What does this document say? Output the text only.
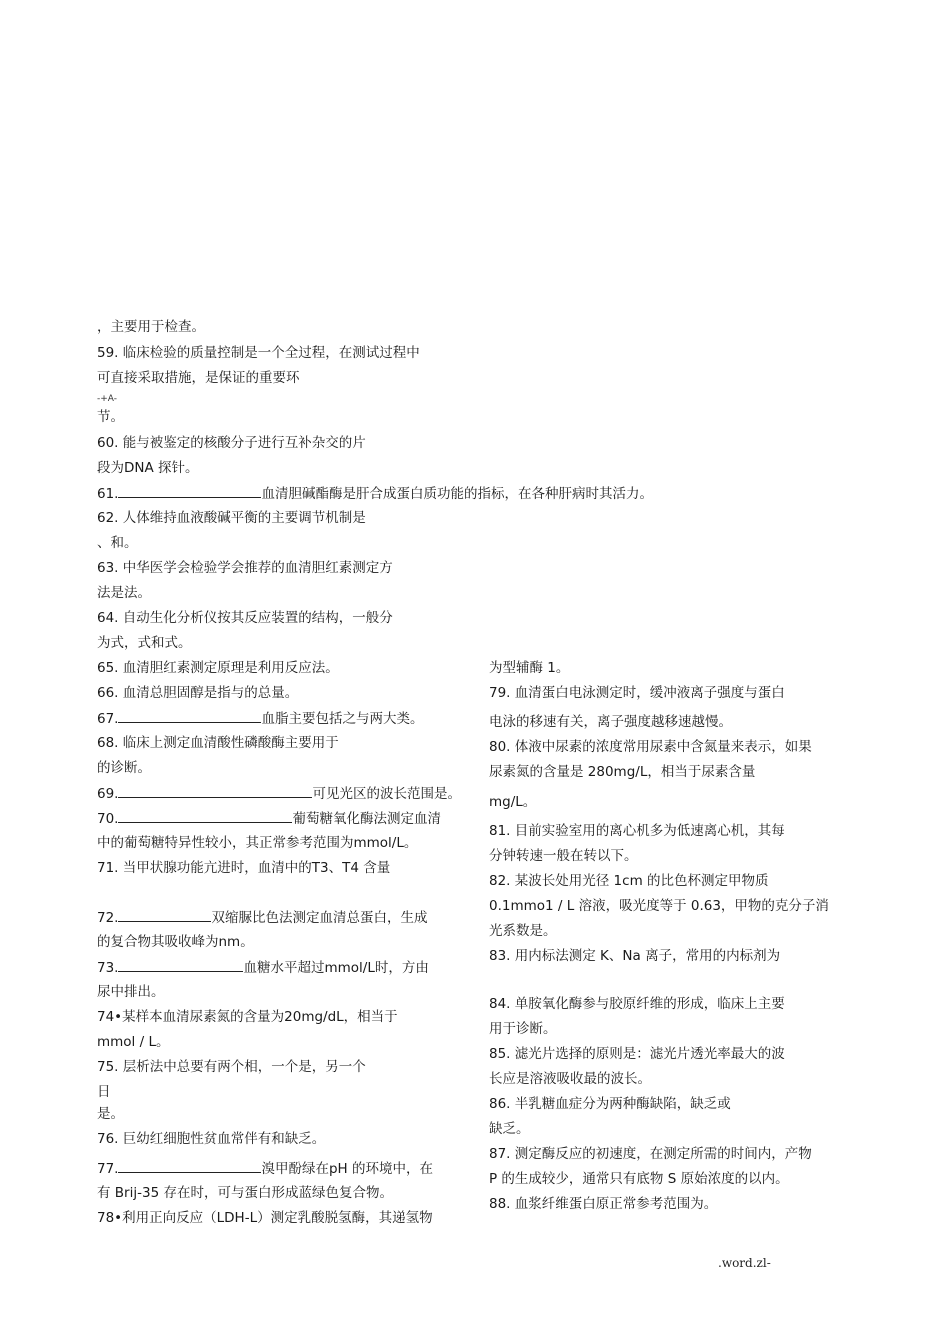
，主要用于检查。
59. 临床检验的质量控制是一个全过程，在测试过程中
可直接采取措施，是保证的重要环
-+A-
节。
60. 能与被鉴定的核酸分子进行互补杂交的片
段为DNA 探针。
61.	血清胆碱酯酶是肝合成蛋白质功能的指标，在各种肝病时其活力。
62. 人体维持血液酸碱平衡的主要调节机制是
、和。
63. 中华医学会检验学会推荐的血清胆红素测定方
法是法。
64. 自动生化分析仪按其反应装置的结构，一般分
为式，式和式。
65. 血清胆红素测定原理是利用反应法。
66. 血清总胆固醇是指与的总量。
67.	血脂主要包括之与两大类。
68. 临床上测定血清酸性磷酸酶主要用于
的诊断。
69.	可见光区的波长范围是。
70.	葡萄糖氧化酶法测定血清
中的葡萄糖特异性较小，其正常参考范围为mmol/L。
71. 当甲状腺功能亢进时，血清中的T3、T4 含量
72.	双缩脲比色法测定血清总蛋白，生成
的复合物其吸收峰为nm。
73.	血糖水平超过mmol/L时，方由
尿中排出。
74•某样本血清尿素氮的含量为20mg/dL，相当于
mmol / L。
75. 层析法中总要有两个相，一个是，另一个
日
是。
76. 巨幼红细胞性贫血常伴有和缺乏。
77.	溴甲酚绿在pH 的环境中，在
有 Brij-35 存在时，可与蛋白形成蓝绿色复合物。
78•利用正向反应（LDH-L）测定乳酸脱氢酶，其递氢物
为型辅酶 1。
79. 血清蛋白电泳测定时，缓冲液离子强度与蛋白
电泳的移速有关，离子强度越移速越慢。
80. 体液中尿素的浓度常用尿素中含氮量来表示，如果
尿素氮的含量是 280mg/L，相当于尿素含量
mg/L。
81. 目前实验室用的离心机多为低速离心机，其每
分钟转速一般在转以下。
82. 某波长处用光径 1cm 的比色杯测定甲物质
0.1mmo1 / L 溶液，吸光度等于 0.63，甲物的克分子消
光系数是。
83. 用内标法测定 K、Na 离子，常用的内标剂为
84. 单胺氧化酶参与胶原纤维的形成，临床上主要
用于诊断。
85. 滤光片选择的原则是：滤光片透光率最大的波
长应是溶液吸收最的波长。
86. 半乳糖血症分为两种酶缺陷，缺乏或
缺乏。
87. 测定酶反应的初速度，在测定所需的时间内，产物
P 的生成较少，通常只有底物 S 原始浓度的以内。
88. 血浆纤维蛋白原正常参考范围为。
.word.zl-
